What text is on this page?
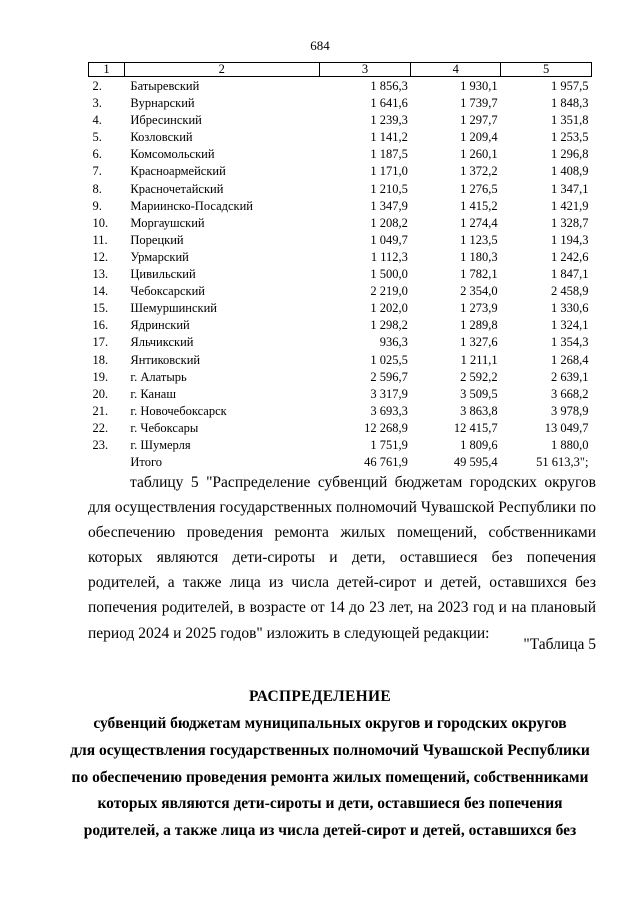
684
1	2	3	4	5
2.	Батыревский	1 856,3	1 930,1	1 957,5
3.	Вурнарский	1 641,6	1 739,7	1 848,3
4.	Ибресинский	1 239,3	1 297,7	1 351,8
5.	Козловский	1 141,2	1 209,4	1 253,5
6.	Комсомольский	1 187,5	1 260,1	1 296,8
7.	Красноармейский	1 171,0	1 372,2	1 408,9
8.	Красночетайский	1 210,5	1 276,5	1 347,1
9.	Мариинско-Посадский	1 347,9	1 415,2	1 421,9
10.	Моргаушский	1 208,2	1 274,4	1 328,7
11.	Порецкий	1 049,7	1 123,5	1 194,3
12.	Урмарский	1 112,3	1 180,3	1 242,6
13.	Цивильский	1 500,0	1 782,1	1 847,1
14.	Чебоксарский	2 219,0	2 354,0	2 458,9
15.	Шемуршинский	1 202,0	1 273,9	1 330,6
16.	Ядринский	1 298,2	1 289,8	1 324,1
17.	Яльчикский	936,3	1 327,6	1 354,3
18.	Янтиковский	1 025,5	1 211,1	1 268,4
19.	г. Алатырь	2 596,7	2 592,2	2 639,1
20.	г. Канаш	3 317,9	3 509,5	3 668,2
21.	г. Новочебоксарск	3 693,3	3 863,8	3 978,9
22.	г. Чебоксары	12 268,9	12 415,7	13 049,7
23.	г. Шумерля	1 751,9	1 809,6	1 880,0
	Итого	46 761,9	49 595,4	51 613,3";

таблицу 5 "Распределение субвенций бюджетам городских округов для осуществления государственных полномочий Чувашской Республики по обеспечению проведения ремонта жилых помещений, собственниками которых являются дети-сироты и дети, оставшиеся без попечения родителей, а также лица из числа детей-сирот и детей, оставшихся без попечения родителей, в возрасте от 14 до 23 лет, на 2023 год и на плановый период 2024 и 2025 годов" изложить в следующей редакции:

"Таблица 5
РАСПРЕДЕЛЕНИЕ
субвенций бюджетам муниципальных округов и городских округов
для осуществления государственных полномочий Чувашской Республики
по обеспечению проведения ремонта жилых помещений, собственниками
которых являются дети-сироты и дети, оставшиеся без попечения
родителей, а также лица из числа детей-сирот и детей, оставшихся без
